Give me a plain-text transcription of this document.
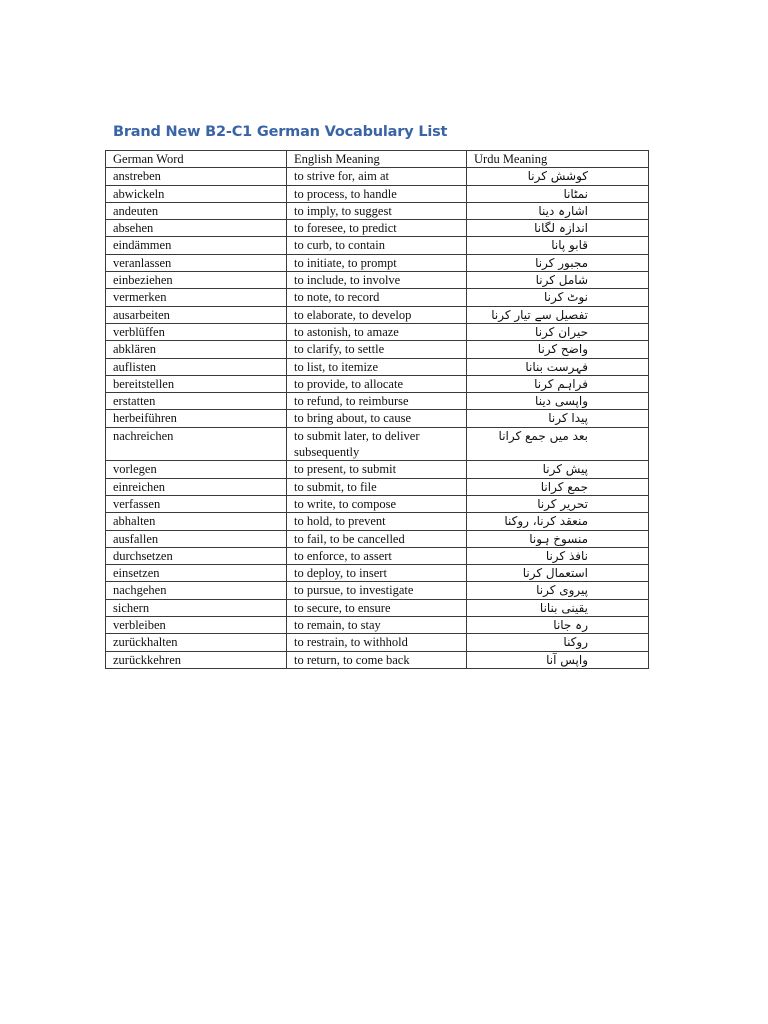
Brand New B2-C1 German Vocabulary List
German Word	English Meaning	Urdu Meaning
anstreben	to strive for, aim at	کوشش کرنا
abwickeln	to process, to handle	نمٹانا
andeuten	to imply, to suggest	اشارہ دینا
absehen	to foresee, to predict	اندازہ لگانا
eindämmen	to curb, to contain	قابو پانا
veranlassen	to initiate, to prompt	مجبور کرنا
einbeziehen	to include, to involve	شامل کرنا
vermerken	to note, to record	نوٹ کرنا
ausarbeiten	to elaborate, to develop	تفصیل سے تیار کرنا
verblüffen	to astonish, to amaze	حیران کرنا
abklären	to clarify, to settle	واضح کرنا
auflisten	to list, to itemize	فہرست بنانا
bereitstellen	to provide, to allocate	فراہم کرنا
erstatten	to refund, to reimburse	واپسی دینا
herbeiführen	to bring about, to cause	پیدا کرنا
nachreichen	to submit later, to deliver subsequently	بعد میں جمع کرانا
vorlegen	to present, to submit	پیش کرنا
einreichen	to submit, to file	جمع کرانا
verfassen	to write, to compose	تحریر کرنا
abhalten	to hold, to prevent	منعقد کرنا، روکنا
ausfallen	to fail, to be cancelled	منسوخ ہونا
durchsetzen	to enforce, to assert	نافذ کرنا
einsetzen	to deploy, to insert	استعمال کرنا
nachgehen	to pursue, to investigate	پیروی کرنا
sichern	to secure, to ensure	یقینی بنانا
verbleiben	to remain, to stay	رہ جانا
zurückhalten	to restrain, to withhold	روکنا
zurückkehren	to return, to come back	واپس آنا
